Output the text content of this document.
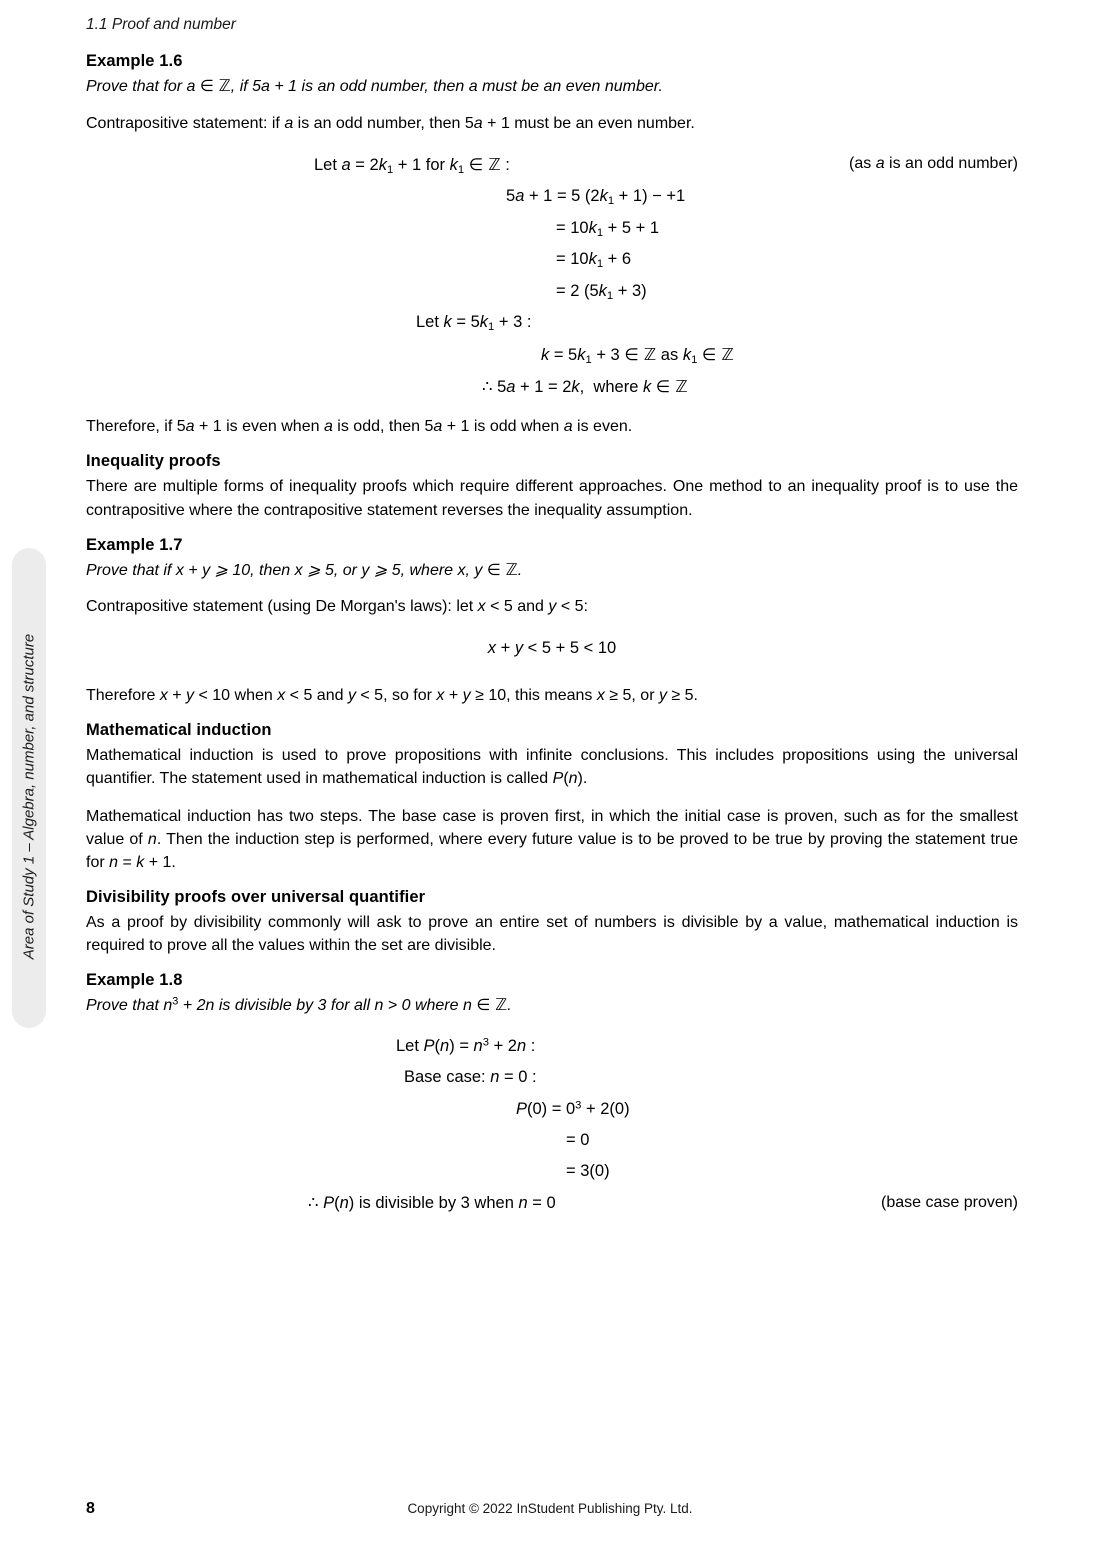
1.1 Proof and number
Area of Study 1 – Algebra, number, and structure
Example 1.6
Prove that for a ∈ ℤ, if 5a + 1 is an odd number, then a must be an even number.

Contrapositive statement: if a is an odd number, then 5a + 1 must be an even number.

Let $a = 2k_1 + 1$ for $k_1$ ∈ ℤ :	(as a is an odd number)
5a + 1 = 5 $(2k_1 + 1) - +1$
= $10k_1 + 5 + 1$
= $10k_1 + 6$
= 2 $(5k_1 + 3)$
Let $k = 5k_1 + 3$ :
$k = 5k_1 + 3$ ∈ ℤ as $k_1$ ∈ ℤ
∴ 5a + 1 = 2k,  where k ∈ ℤ

Therefore, if 5a + 1 is even when a is odd, then 5a + 1 is odd when a is even.

Inequality proofs

There are multiple forms of inequality proofs which require different approaches. One method to an inequality proof is to use the contrapositive where the contrapositive statement reverses the inequality assumption.

Example 1.7
Prove that if x + y ⩾ 10, then x ⩾ 5, or y ⩾ 5, where x, y ∈ ℤ.

Contrapositive statement (using De Morgan's laws): let x < 5 and y < 5:

x + y < 5 + 5 < 10

Therefore x + y < 10 when x < 5 and y < 5, so for x + y ≥ 10, this means x ≥ 5, or y ≥ 5.

Mathematical induction

Mathematical induction is used to prove propositions with infinite conclusions. This includes propositions using the universal quantifier. The statement used in mathematical induction is called P(n).

Mathematical induction has two steps. The base case is proven first, in which the initial case is proven, such as for the smallest value of n. Then the induction step is performed, where every future value is to be proved to be true by proving the statement true for n = k + 1.

Divisibility proofs over universal quantifier

As a proof by divisibility commonly will ask to prove an entire set of numbers is divisible by a value, mathematical induction is required to prove all the values within the set are divisible.

Example 1.8
Prove that $n^3 + 2n$ is divisible by 3 for all n > 0 where n ∈ ℤ.
Let $P(n) = n^3 + 2n$ :
Base case: n = 0 :
$P(0) = 0^3 + 2(0)$
= 0
= 3(0)
∴ P(n) is divisible by 3 when n = 0	(base case proven)
8	Copyright © 2022 InStudent Publishing Pty. Ltd.
